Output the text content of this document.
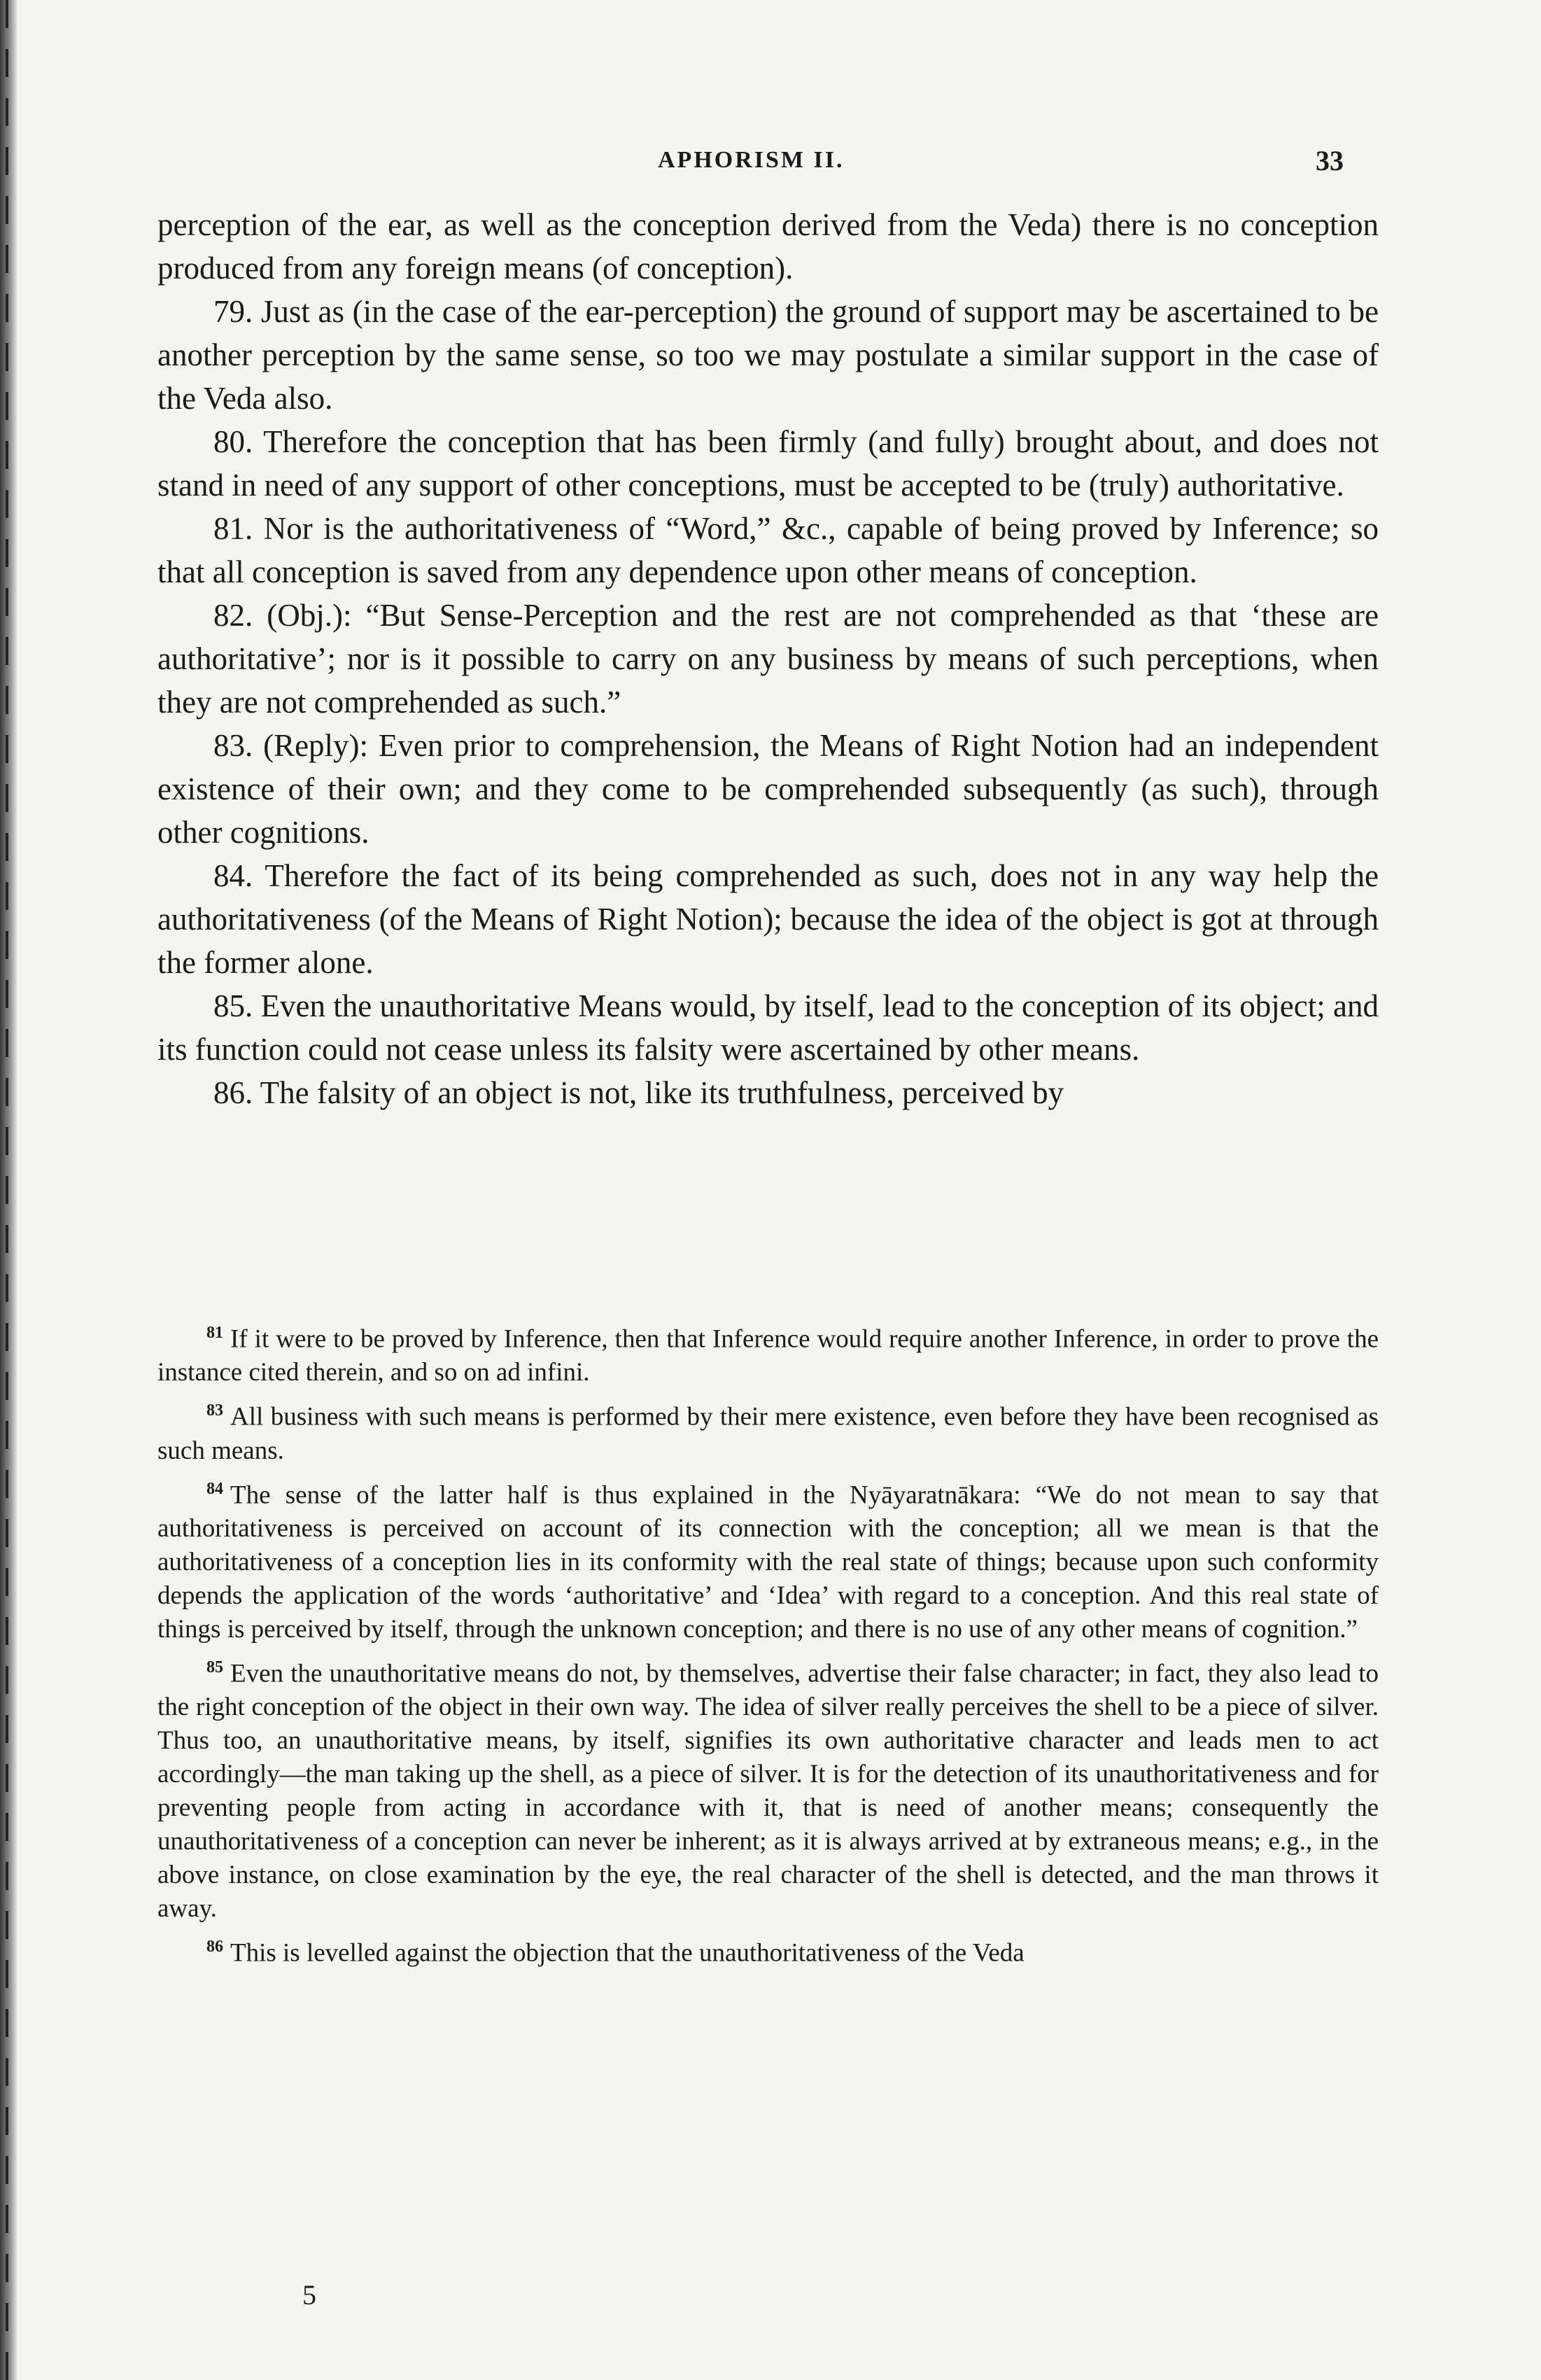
APHORISM II.	33

perception of the ear, as well as the conception derived from the Veda) there is no conception produced from any foreign means (of conception).

79. Just as (in the case of the ear-perception) the ground of support may be ascertained to be another perception by the same sense, so too we may postulate a similar support in the case of the Veda also.

80. Therefore the conception that has been firmly (and fully) brought about, and does not stand in need of any support of other conceptions, must be accepted to be (truly) authoritative.

81. Nor is the authoritativeness of “Word,” &c., capable of being proved by Inference; so that all conception is saved from any dependence upon other means of conception.

82. (Obj.): “But Sense-Perception and the rest are not comprehended as that ‘these are authoritative’; nor is it possible to carry on any business by means of such perceptions, when they are not comprehended as such.”

83. (Reply): Even prior to comprehension, the Means of Right Notion had an independent existence of their own; and they come to be comprehended subsequently (as such), through other cognitions.

84. Therefore the fact of its being comprehended as such, does not in any way help the authoritativeness (of the Means of Right Notion); because the idea of the object is got at through the former alone.

85. Even the unauthoritative Means would, by itself, lead to the conception of its object; and its function could not cease unless its falsity were ascertained by other means.

86. The falsity of an object is not, like its truthfulness, perceived by

$^{81}$ If it were to be proved by Inference, then that Inference would require another Inference, in order to prove the instance cited therein, and so on ad infini.

$^{83}$ All business with such means is performed by their mere existence, even before they have been recognised as such means.

$^{84}$ The sense of the latter half is thus explained in the Nyāyaratnākara: “We do not mean to say that authoritativeness is perceived on account of its connection with the conception; all we mean is that the authoritativeness of a conception lies in its conformity with the real state of things; because upon such conformity depends the application of the words ‘authoritative’ and ‘Idea’ with regard to a conception. And this real state of things is perceived by itself, through the unknown conception; and there is no use of any other means of cognition.”

$^{85}$ Even the unauthoritative means do not, by themselves, advertise their false character; in fact, they also lead to the right conception of the object in their own way. The idea of silver really perceives the shell to be a piece of silver. Thus too, an unauthoritative means, by itself, signifies its own authoritative character and leads men to act accordingly—the man taking up the shell, as a piece of silver. It is for the detection of its unauthoritativeness and for preventing people from acting in accordance with it, that is need of another means; consequently the unauthoritativeness of a conception can never be inherent; as it is always arrived at by extraneous means; e.g., in the above instance, on close examination by the eye, the real character of the shell is detected, and the man throws it away.

$^{86}$ This is levelled against the objection that the unauthoritativeness of the Veda

5
